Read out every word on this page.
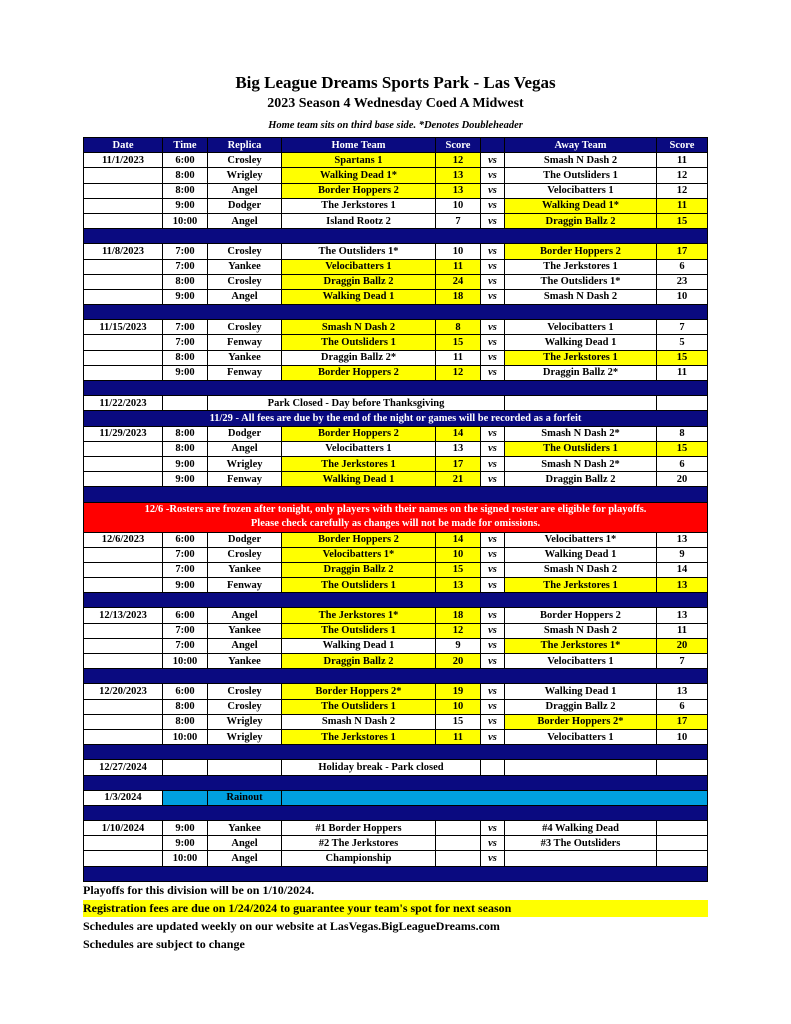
Big League Dreams Sports Park - Las Vegas
2023 Season 4 Wednesday Coed A Midwest
Home team sits on third base side. *Denotes Doubleheader
Date	Time	Replica	Home Team	Score		Away Team	Score
11/1/2023	6:00	Crosley	Spartans 1	12	vs	Smash N Dash 2	11
	8:00	Wrigley	Walking Dead 1*	13	vs	The Outsliders 1	12
	8:00	Angel	Border Hoppers 2	13	vs	Velocibatters 1	12
	9:00	Dodger	The Jerkstores 1	10	vs	Walking Dead 1*	11
	10:00	Angel	Island Rootz 2	7	vs	Draggin Ballz 2	15

11/8/2023	7:00	Crosley	The Outsliders 1*	10	vs	Border Hoppers 2	17
	7:00	Yankee	Velocibatters 1	11	vs	The Jerkstores 1	6
	8:00	Crosley	Draggin Ballz 2	24	vs	The Outsliders 1*	23
	9:00	Angel	Walking Dead 1	18	vs	Smash N Dash 2	10

11/15/2023	7:00	Crosley	Smash N Dash 2	8	vs	Velocibatters 1	7
	7:00	Fenway	The Outsliders 1	15	vs	Walking Dead 1	5
	8:00	Yankee	Draggin Ballz 2*	11	vs	The Jerkstores 1	15
	9:00	Fenway	Border Hoppers 2	12	vs	Draggin Ballz 2*	11

11/22/2023		Park Closed - Day before Thanksgiving					
11/29 - All fees are due by the end of the night or games will be recorded as a forfeit							
11/29/2023	8:00	Dodger	Border Hoppers 2	14	vs	Smash N Dash 2*	8
	8:00	Angel	Velocibatters 1	13	vs	The Outsliders 1	15
	9:00	Wrigley	The Jerkstores 1	17	vs	Smash N Dash 2*	6
	9:00	Fenway	Walking Dead 1	21	vs	Draggin Ballz 2	20

12/6 -Rosters are frozen after tonight, only players with their names on the signed roster are eligible for playoffs.
Please check carefully as changes will not be made for omissions.							
12/6/2023	6:00	Dodger	Border Hoppers 2	14	vs	Velocibatters 1*	13
	7:00	Crosley	Velocibatters 1*	10	vs	Walking Dead 1	9
	7:00	Yankee	Draggin Ballz 2	15	vs	Smash N Dash 2	14
	9:00	Fenway	The Outsliders 1	13	vs	The Jerkstores 1	13

12/13/2023	6:00	Angel	The Jerkstores 1*	18	vs	Border Hoppers 2	13
	7:00	Yankee	The Outsliders 1	12	vs	Smash N Dash 2	11
	7:00	Angel	Walking Dead 1	9	vs	The Jerkstores 1*	20
	10:00	Yankee	Draggin Ballz 2	20	vs	Velocibatters 1	7

12/20/2023	6:00	Crosley	Border Hoppers 2*	19	vs	Walking Dead 1	13
	8:00	Crosley	The Outsliders 1	10	vs	Draggin Ballz 2	6
	8:00	Wrigley	Smash N Dash 2	15	vs	Border Hoppers 2*	17
	10:00	Wrigley	The Jerkstores 1	11	vs	Velocibatters 1	10

12/27/2024			Holiday break - Park closed				

1/3/2024		Rainout					

1/10/2024	9:00	Yankee	#1 Border Hoppers		vs	#4 Walking Dead	
	9:00	Angel	#2 The Jerkstores		vs	#3 The Outsliders	
	10:00	Angel	Championship		vs		

Playoffs for this division will be on 1/10/2024.
Registration fees are due on 1/24/2024 to guarantee your team's spot for next season
Schedules are updated weekly on our website at LasVegas.BigLeagueDreams.com
Schedules are subject to change
